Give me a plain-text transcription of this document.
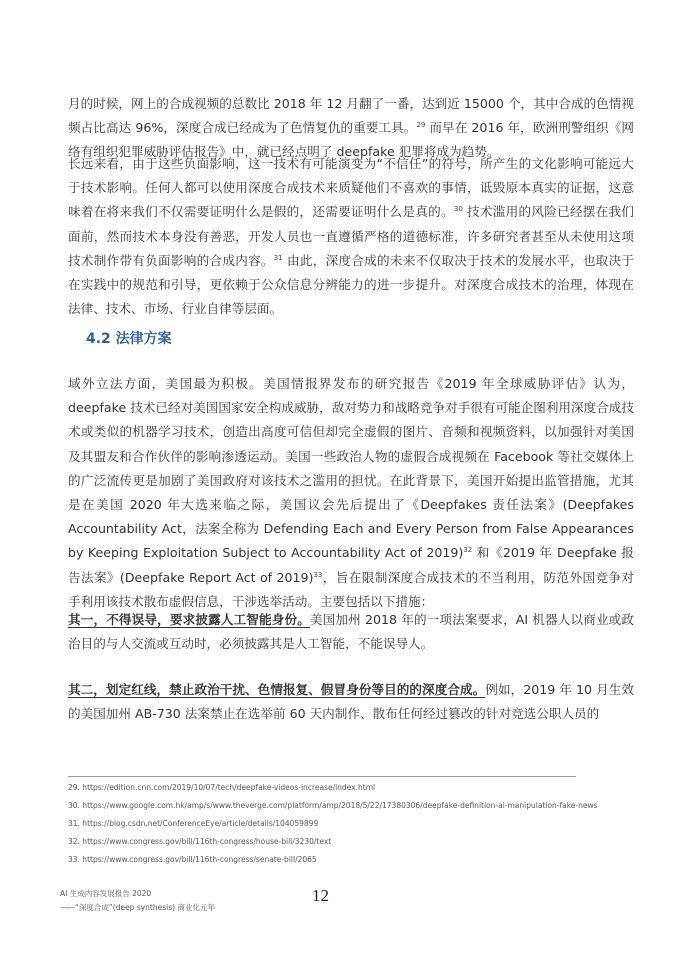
月的时候，网上的合成视频的总数比 2018 年 12 月翻了一番，达到近 15000 个，其中合成的色情视频占比高达 96%，深度合成已经成为了色情复仇的重要工具。$^{29}$ 而早在 2016 年，欧洲刑警组织《网络有组织犯罪威胁评估报告》中，就已经点明了 deepfake 犯罪将成为趋势。

长远来看，由于这些负面影响，这一技术有可能演变为“不信任”的符号，所产生的文化影响可能远大于技术影响。任何人都可以使用深度合成技术来质疑他们不喜欢的事情，诋毁原本真实的证据，这意味着在将来我们不仅需要证明什么是假的，还需要证明什么是真的。$^{30}$ 技术滥用的风险已经摆在我们面前，然而技术本身没有善恶，开发人员也一直遵循严格的道德标准，许多研究者甚至从未使用这项技术制作带有负面影响的合成内容。$^{31}$ 由此，深度合成的未来不仅取决于技术的发展水平，也取决于在实践中的规范和引导，更依赖于公众信息分辨能力的进一步提升。对深度合成技术的治理，体现在法律、技术、市场、行业自律等层面。

4.2 法律方案

域外立法方面，美国最为积极。美国情报界发布的研究报告《2019 年全球威胁评估》认为，deepfake 技术已经对美国国家安全构成威胁，敌对势力和战略竞争对手很有可能企图利用深度合成技术或类似的机器学习技术，创造出高度可信但却完全虚假的图片、音频和视频资料，以加强针对美国及其盟友和合作伙伴的影响渗透运动。美国一些政治人物的虚假合成视频在 Facebook 等社交媒体上的广泛流传更是加剧了美国政府对该技术之滥用的担忧。在此背景下，美国开始提出监管措施，尤其是在美国 2020 年大选来临之际，美国议会先后提出了《Deepfakes 责任法案》(Deepfakes Accountability Act，法案全称为 Defending Each and Every Person from False Appearances by Keeping Exploitation Subject to Accountability Act of 2019)$^{32}$ 和《2019 年 Deepfake 报告法案》(Deepfake Report Act of 2019)$^{33}$，旨在限制深度合成技术的不当利用，防范外国竞争对手利用该技术散布虚假信息，干涉选举活动。主要包括以下措施：

其一，不得误导，要求披露人工智能身份。美国加州 2018 年的一项法案要求，AI 机器人以商业或政治目的与人交流或互动时，必须披露其是人工智能，不能误导人。

其二，划定红线，禁止政治干扰、色情报复、假冒身份等目的的深度合成。例如，2019 年 10 月生效的美国加州 AB-730 法案禁止在选举前 60 天内制作、散布任何经过篡改的针对竞选公职人员的

29. https://edition.cnn.com/2019/10/07/tech/deepfake-videos-increase/index.html
30. https://www.google.com.hk/amp/s/www.theverge.com/platform/amp/2018/5/22/17380306/deepfake-definition-ai-manipulation-fake-news
31. https://blog.csdn.net/ConferenceEye/article/details/104059899
32. https://www.congress.gov/bill/116th-congress/house-bill/3230/text
33. https://www.congress.gov/bill/116th-congress/senate-bill/2065
AI 生成内容发展报告 2020
——“深度合成”(deep synthesis) 商业化元年
12
